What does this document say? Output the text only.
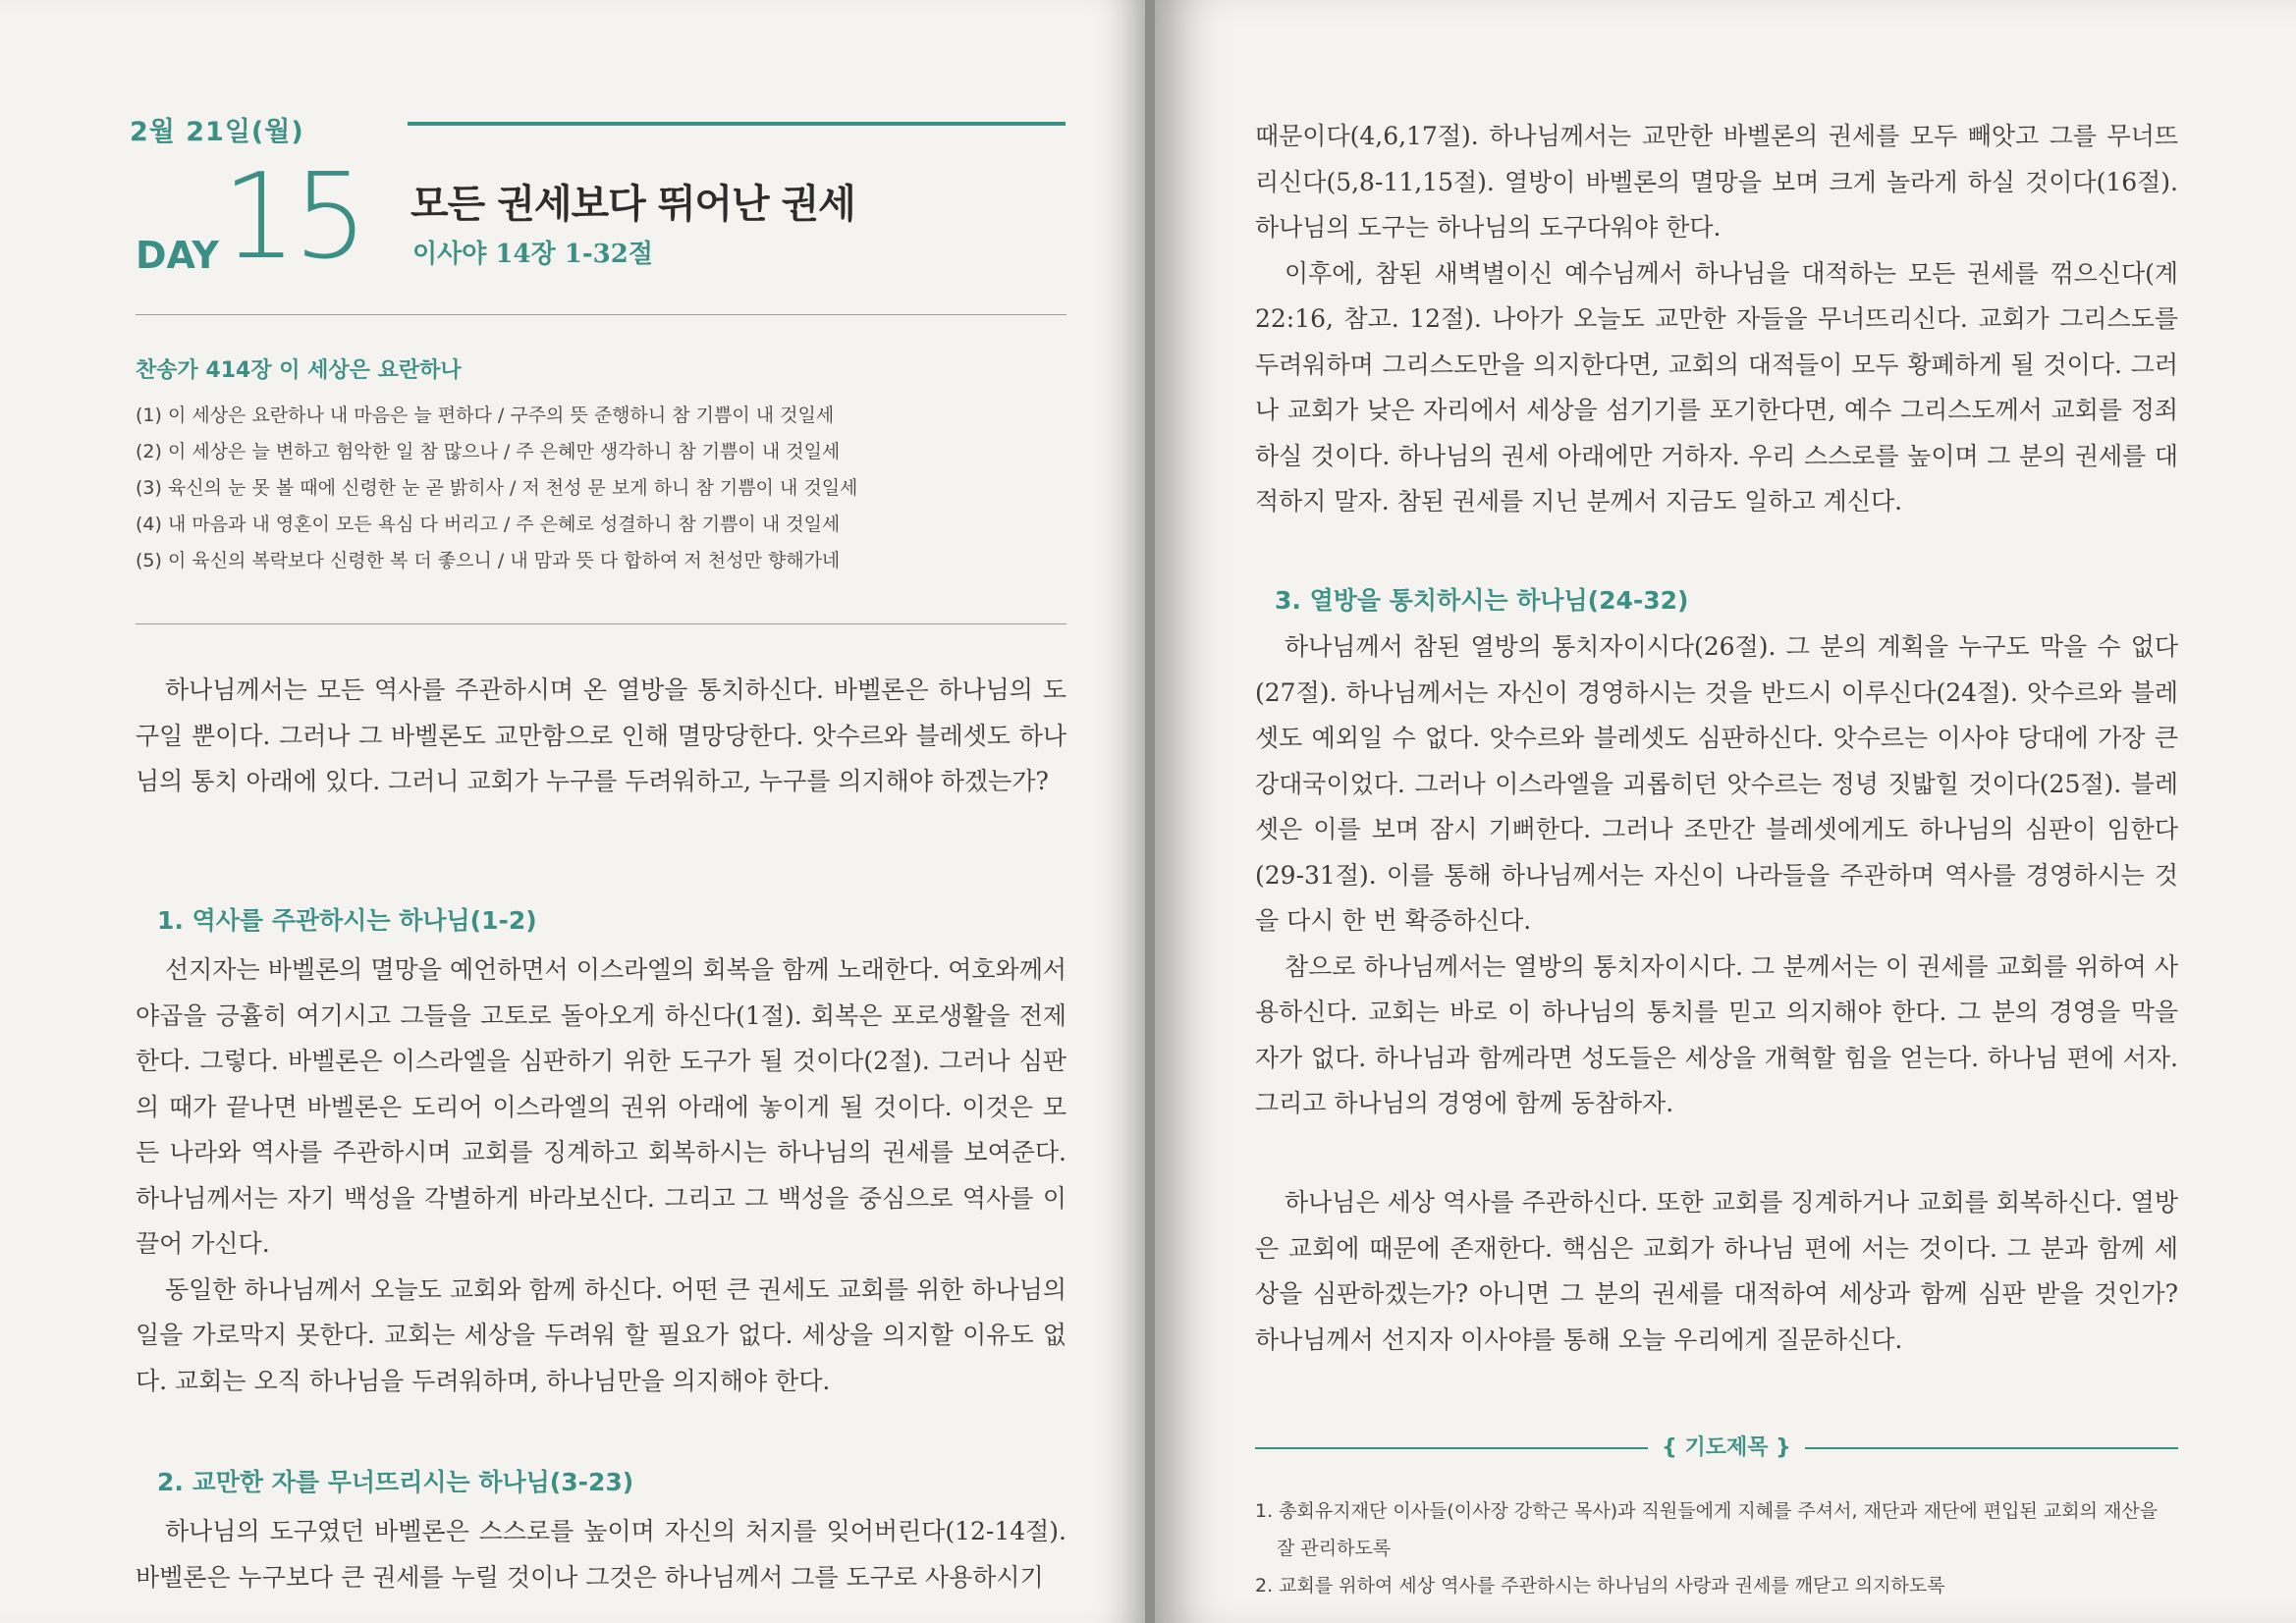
2월 21일(월)
DAY 15 모든 권세보다 뛰어난 권세
이사야 14장 1-32절
찬송가 414장 이 세상은 요란하나
(1) 이 세상은 요란하나 내 마음은 늘 편하다 / 구주의 뜻 준행하니 참 기쁨이 내 것일세
(2) 이 세상은 늘 변하고 험악한 일 참 많으나 / 주 은혜만 생각하니 참 기쁨이 내 것일세
(3) 육신의 눈 못 볼 때에 신령한 눈 곧 밝히사 / 저 천성 문 보게 하니 참 기쁨이 내 것일세
(4) 내 마음과 내 영혼이 모든 욕심 다 버리고 / 주 은혜로 성결하니 참 기쁨이 내 것일세
(5) 이 육신의 복락보다 신령한 복 더 좋으니 / 내 맘과 뜻 다 합하여 저 천성만 향해가네

하나님께서는 모든 역사를 주관하시며 온 열방을 통치하신다. 바벨론은 하나님의 도구일 뿐이다. 그러나 그 바벨론도 교만함으로 인해 멸망당한다. 앗수르와 블레셋도 하나님의 통치 아래에 있다. 그러니 교회가 누구를 두려워하고, 누구를 의지해야 하겠는가?

1. 역사를 주관하시는 하나님(1-2)

선지자는 바벨론의 멸망을 예언하면서 이스라엘의 회복을 함께 노래한다. 여호와께서 야곱을 긍휼히 여기시고 그들을 고토로 돌아오게 하신다(1절). 회복은 포로생활을 전제한다. 그렇다. 바벨론은 이스라엘을 심판하기 위한 도구가 될 것이다(2절). 그러나 심판의 때가 끝나면 바벨론은 도리어 이스라엘의 권위 아래에 놓이게 될 것이다. 이것은 모든 나라와 역사를 주관하시며 교회를 징계하고 회복하시는 하나님의 권세를 보여준다. 하나님께서는 자기 백성을 각별하게 바라보신다. 그리고 그 백성을 중심으로 역사를 이끌어 가신다.

동일한 하나님께서 오늘도 교회와 함께 하신다. 어떤 큰 권세도 교회를 위한 하나님의 일을 가로막지 못한다. 교회는 세상을 두려워 할 필요가 없다. 세상을 의지할 이유도 없다. 교회는 오직 하나님을 두려워하며, 하나님만을 의지해야 한다.

2. 교만한 자를 무너뜨리시는 하나님(3-23)

하나님의 도구였던 바벨론은 스스로를 높이며 자신의 처지를 잊어버린다(12-14절). 바벨론은 누구보다 큰 권세를 누릴 것이나 그것은 하나님께서 그를 도구로 사용하시기

때문이다(4,6,17절). 하나님께서는 교만한 바벨론의 권세를 모두 빼앗고 그를 무너뜨리신다(5,8-11,15절). 열방이 바벨론의 멸망을 보며 크게 놀라게 하실 것이다(16절). 하나님의 도구는 하나님의 도구다워야 한다.

이후에, 참된 새벽별이신 예수님께서 하나님을 대적하는 모든 권세를 꺾으신다(계 22:16, 참고. 12절). 나아가 오늘도 교만한 자들을 무너뜨리신다. 교회가 그리스도를 두려워하며 그리스도만을 의지한다면, 교회의 대적들이 모두 황폐하게 될 것이다. 그러나 교회가 낮은 자리에서 세상을 섬기기를 포기한다면, 예수 그리스도께서 교회를 정죄하실 것이다. 하나님의 권세 아래에만 거하자. 우리 스스로를 높이며 그 분의 권세를 대적하지 말자. 참된 권세를 지닌 분께서 지금도 일하고 계신다.

3. 열방을 통치하시는 하나님(24-32)

하나님께서 참된 열방의 통치자이시다(26절). 그 분의 계획을 누구도 막을 수 없다(27절). 하나님께서는 자신이 경영하시는 것을 반드시 이루신다(24절). 앗수르와 블레셋도 예외일 수 없다. 앗수르와 블레셋도 심판하신다. 앗수르는 이사야 당대에 가장 큰 강대국이었다. 그러나 이스라엘을 괴롭히던 앗수르는 정녕 짓밟힐 것이다(25절). 블레셋은 이를 보며 잠시 기뻐한다. 그러나 조만간 블레셋에게도 하나님의 심판이 임한다(29-31절). 이를 통해 하나님께서는 자신이 나라들을 주관하며 역사를 경영하시는 것을 다시 한 번 확증하신다.

참으로 하나님께서는 열방의 통치자이시다. 그 분께서는 이 권세를 교회를 위하여 사용하신다. 교회는 바로 이 하나님의 통치를 믿고 의지해야 한다. 그 분의 경영을 막을 자가 없다. 하나님과 함께라면 성도들은 세상을 개혁할 힘을 얻는다. 하나님 편에 서자. 그리고 하나님의 경영에 함께 동참하자.

하나님은 세상 역사를 주관하신다. 또한 교회를 징계하거나 교회를 회복하신다. 열방은 교회에 때문에 존재한다. 핵심은 교회가 하나님 편에 서는 것이다. 그 분과 함께 세상을 심판하겠는가? 아니면 그 분의 권세를 대적하여 세상과 함께 심판 받을 것인가? 하나님께서 선지자 이사야를 통해 오늘 우리에게 질문하신다.

{ 기도제목 }
1. 총회유지재단 이사들(이사장 강학근 목사)과 직원들에게 지혜를 주셔서, 재단과 재단에 편입된 교회의 재산을 잘 관리하도록
2. 교회를 위하여 세상 역사를 주관하시는 하나님의 사랑과 권세를 깨닫고 의지하도록
